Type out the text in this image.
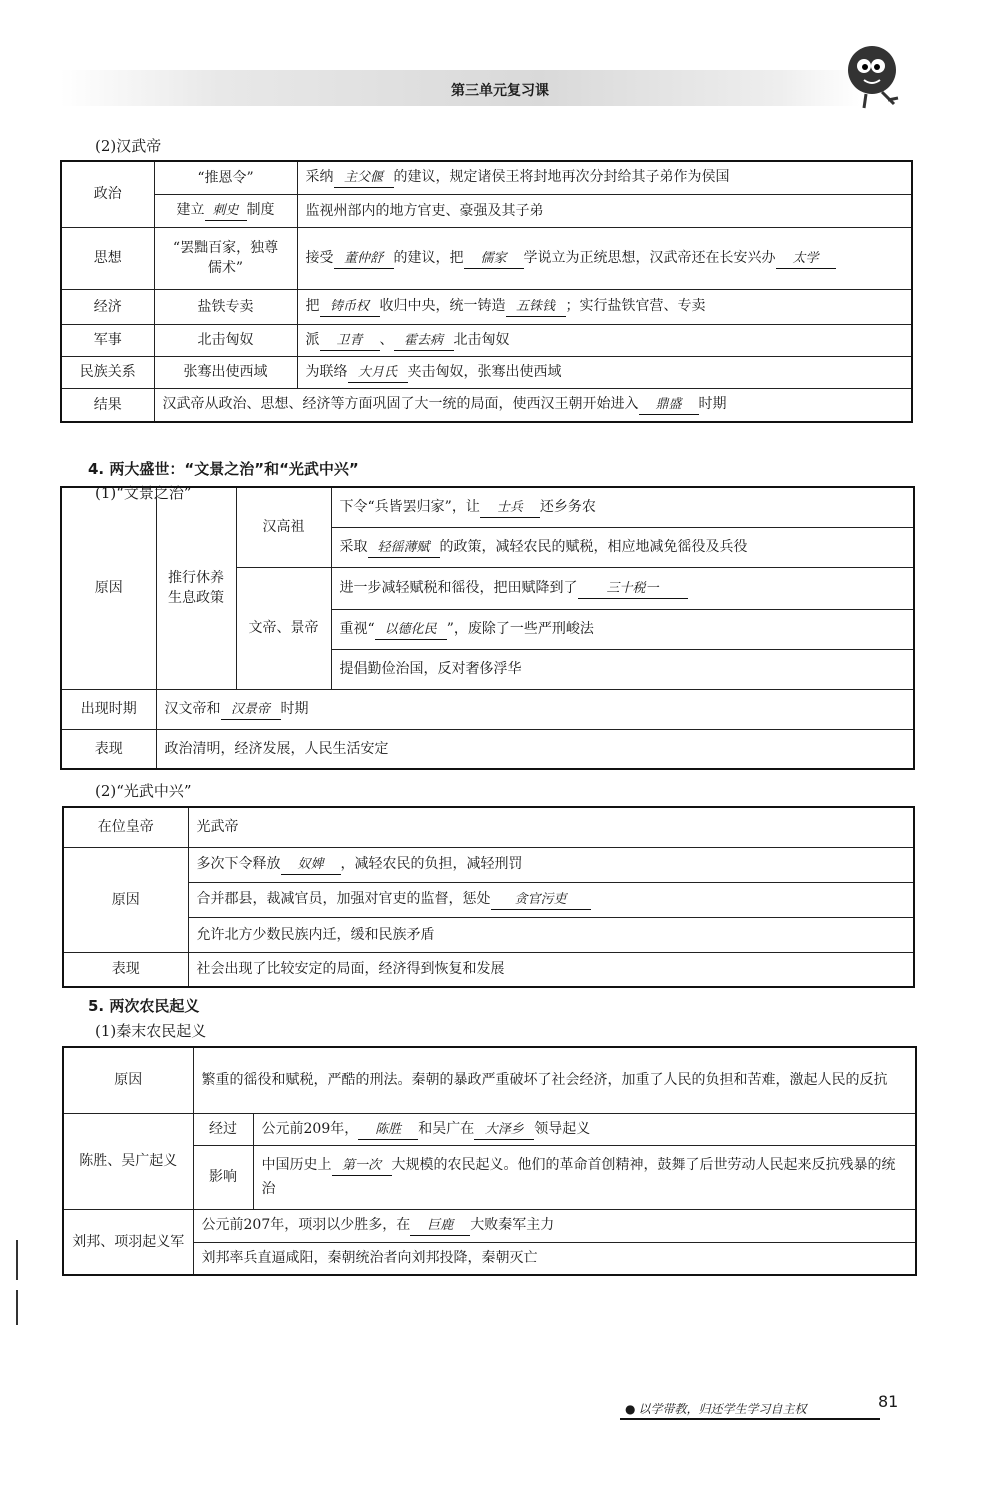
第三单元复习课
(2)汉武帝
政治	“推恩令”	采纳 主父偃 的建议，规定诸侯王将封地再次分封给其子弟作为侯国
	建立 刺史 制度	监视州部内的地方官吏、豪强及其子弟
思想	“罢黜百家，独尊儒术”	接受 董仲舒 的建议，把 儒家 学说立为正统思想，汉武帝还在长安兴办 太学
经济	盐铁专卖	把 铸币权 收归中央，统一铸造 五铢钱 ；实行盐铁官营、专卖
军事	北击匈奴	派 卫青 、 霍去病 北击匈奴
民族关系	张骞出使西域	为联络 大月氏 夹击匈奴，张骞出使西域
结果	汉武帝从政治、思想、经济等方面巩固了大一统的局面，使西汉王朝开始进入 鼎盛 时期	
4. 两大盛世：“文景之治”和“光武中兴”
(1)“文景之治”
原因	推行休养生息政策	汉高祖	下令“兵皆罢归家”，让 士兵 还乡务农
			采取 轻徭薄赋 的政策，减轻农民的赋税，相应地减免徭役及兵役
		文帝、景帝	进一步减轻赋税和徭役，把田赋降到了 三十税一
			重视“ 以德化民 ”，废除了一些严刑峻法
			提倡勤俭治国，反对奢侈浮华
出现时期	汉文帝和 汉景帝 时期		
表现	政治清明，经济发展，人民生活安定		
(2)“光武中兴”
在位皇帝	光武帝
原因	多次下令释放 奴婢 ，减轻农民的负担，减轻刑罚
	合并郡县，裁减官员，加强对官吏的监督，惩处 贪官污吏
	允许北方少数民族内迁，缓和民族矛盾
表现	社会出现了比较安定的局面，经济得到恢复和发展
5. 两次农民起义
(1)秦末农民起义
原因	繁重的徭役和赋税，严酷的刑法。秦朝的暴政严重破坏了社会经济，加重了人民的负担和苦难，激起人民的反抗	
陈胜、吴广起义	经过	公元前209年， 陈胜 和吴广在 大泽乡 领导起义
	影响	中国历史上 第一次 大规模的农民起义。他们的革命首创精神，鼓舞了后世劳动人民起来反抗残暴的统治
刘邦、项羽起义军	公元前207年，项羽以少胜多，在 巨鹿 大败秦军主力	
	刘邦率兵直逼咸阳，秦朝统治者向刘邦投降，秦朝灭亡	
● 以学带教，归还学生学习自主权	81
